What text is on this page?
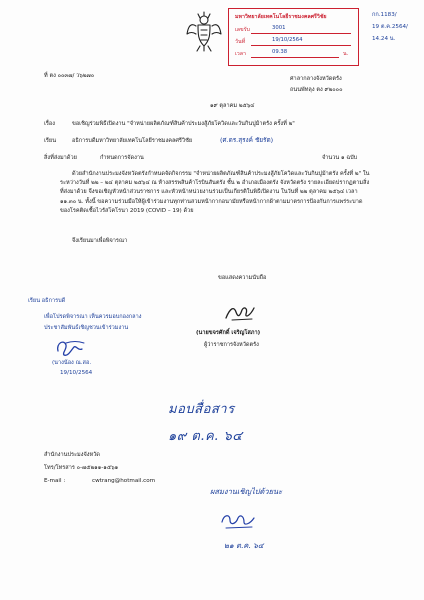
มหาวิทยาลัยเทคโนโลยีราชมงคลศรีวิชัย
เลขรับ	3001
วันที่	19/10/2564
เวลา	09.38	น.
กก.1183/
19 ต.ค.2564/
14.24 น.
ที่ ตง ๐๐๓๗/ ว๖๒๗๐	ศาลากลางจังหวัดตรัง
ถนนพัทลุง ตง ๙๒๐๐๐
๑๙ ตุลาคม ๒๕๖๔
เรื่อง	ขอเชิญร่วมพิธีเปิดงาน "จำหน่ายผลิตภัณฑ์สินค้าประมงสู้ภัยโควิดและวันกินปูม้าตรัง ครั้งที่ ๒"
เรียน	อธิการบดีมหาวิทยาลัยเทคโนโลยีราชมงคลศรีวิชัย	(ศ.ดร.สุรงค์ ชัยรัต)
สิ่งที่ส่งมาด้วย	กำหนดการจัดงาน	จำนวน ๑ ฉบับ
ด้วยสำนักงานประมงจังหวัดตรังกำหนดจัดกิจกรรม "จำหน่ายผลิตภัณฑ์สินค้าประมงสู้ภัยโควิดและวันกินปูม้าตรัง ครั้งที่ ๒" ในระหว่างวันที่ ๒๒ – ๒๔ ตุลาคม ๒๕๖๔ ณ ห้างสรรพสินค้าโรบินสันตรัง ชั้น ๒ อำเภอเมืองตรัง จังหวัดตรัง รายละเอียดปรากฏตามสิ่งที่ส่งมาด้วย จึงขอเชิญหัวหน้าส่วนราชการ และหัวหน้าหน่วยงานร่วมเป็นเกียรติในพิธีเปิดงาน ในวันที่ ๒๒ ตุลาคม ๒๕๖๔ เวลา ๑๑.๓๐ น. ทั้งนี้ ขอความร่วมมือให้ผู้เข้าร่วมงานทุกท่านสวมหน้ากากอนามัยหรือหน้ากากผ้าตามมาตรการป้องกันการแพร่ระบาดของโรคติดเชื้อไวรัสโคโรนา 2019 (COVID – 19) ด้วย
จึงเรียนมาเพื่อพิจารณา
ขอแสดงความนับถือ
(นายขจรศักดิ์ เจริญโสภา)
ผู้ว่าราชการจังหวัดตรัง
เรียน อธิการบดี
เพื่อโปรดพิจารณา เห็นควรมอบกองกลาง
ประชาสัมพันธ์เชิญชวนเข้าร่วมงาน
(นางน้อง ณ.สอ.
19/10/2564
มอบสื่อสาร
๑๙ ต.ค. ๖๔
ผสมงานเชิญไปด้วยนะ
๒๑ ต.ค. ๖๔
สำนักงานประมงจังหวัด
โทร/โทรสาร ๐-๗๕๒๑๑-๑๕๖๑
E-mail :	cwtrang@hotmail.com
